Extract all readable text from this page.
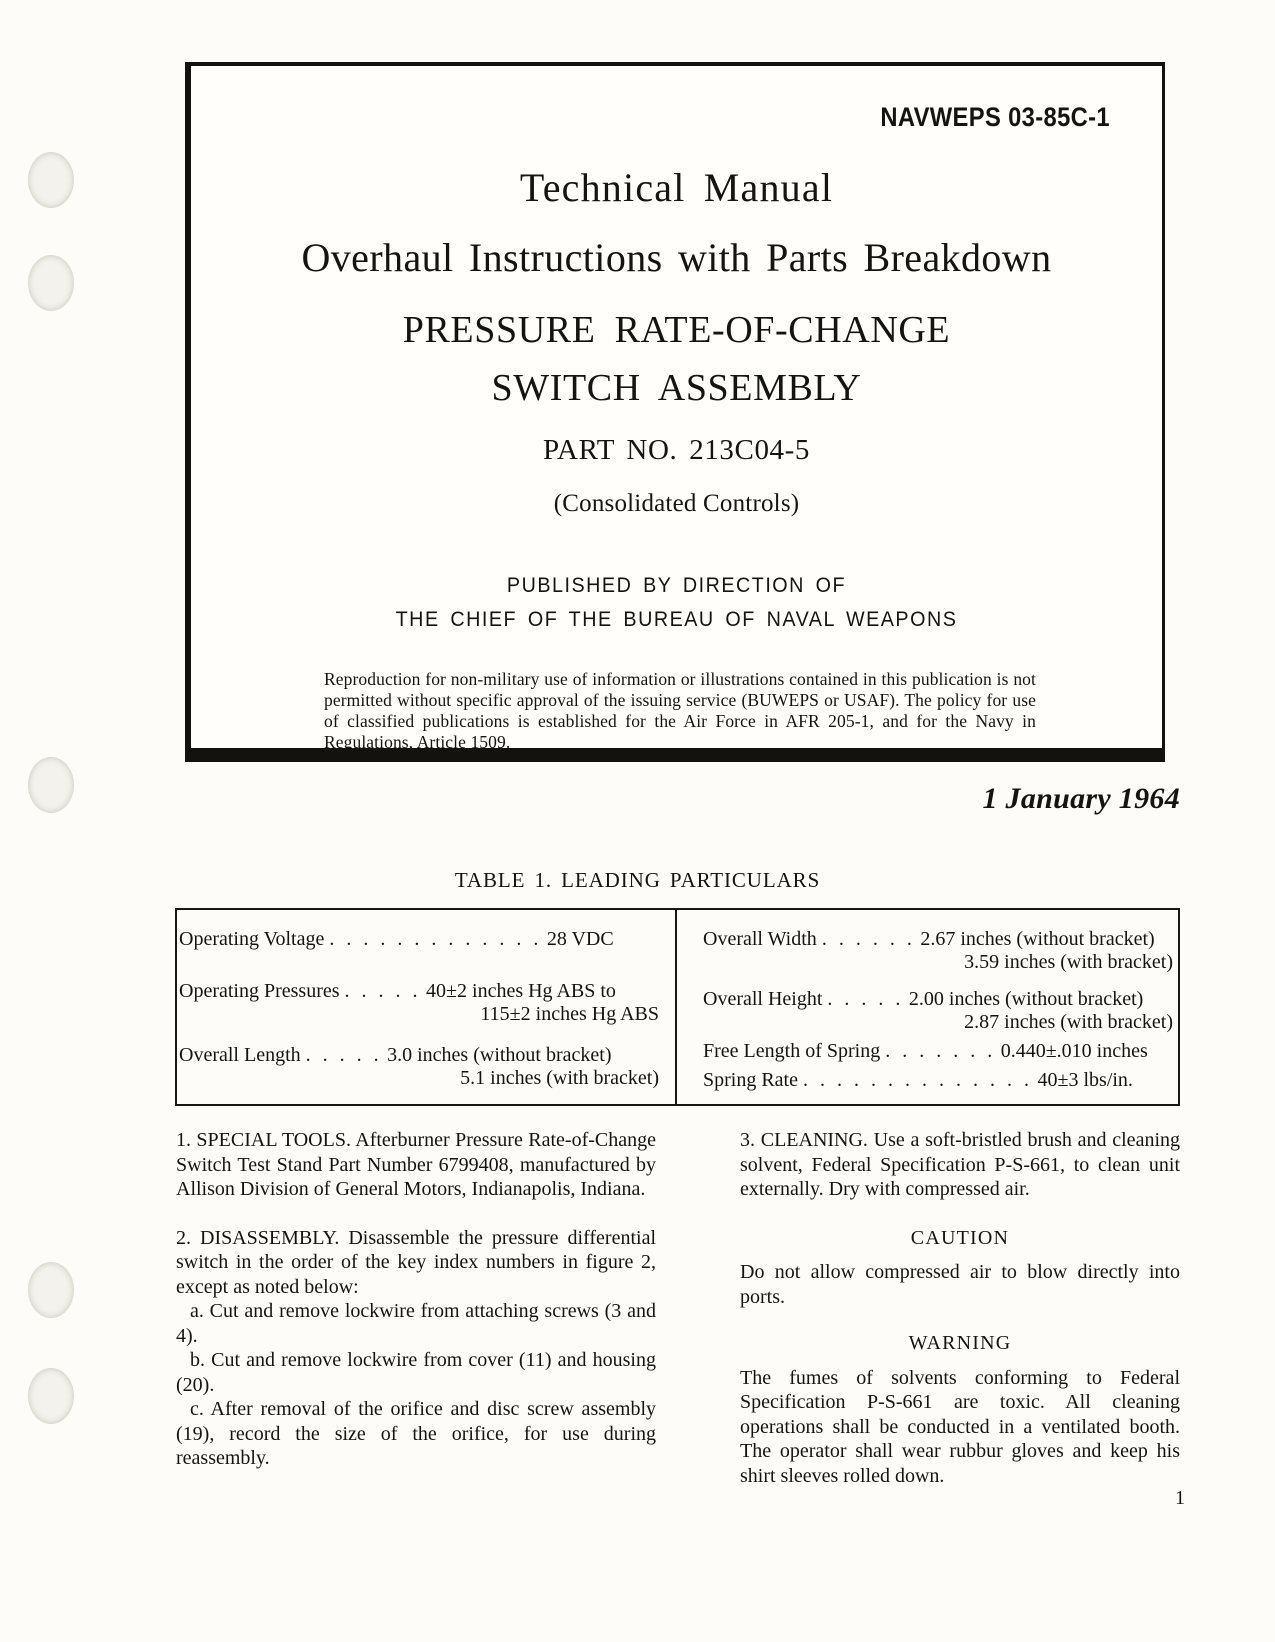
NAVWEPS 03-85C-1
Technical Manual
Overhaul Instructions with Parts Breakdown
PRESSURE RATE-OF-CHANGE
SWITCH ASSEMBLY
PART NO. 213C04-5
(Consolidated Controls)
PUBLISHED BY DIRECTION OF
THE CHIEF OF THE BUREAU OF NAVAL WEAPONS
Reproduction for non-military use of information or illustrations contained in this publication is not permitted without specific approval of the issuing service (BUWEPS or USAF). The policy for use of classified publications is established for the Air Force in AFR 205-1, and for the Navy in Regulations, Article 1509.
1 January 1964
TABLE 1. LEADING PARTICULARS
Operating Voltage . . . . . . . . . . . . . 28 VDC
Operating Pressures . . . . . 40±2 inches Hg ABS to
115±2 inches Hg ABS
Overall Length . . . . . 3.0 inches (without bracket)
5.1 inches (with bracket)
Overall Width . . . . . . 2.67 inches (without bracket)
3.59 inches (with bracket)
Overall Height . . . . . 2.00 inches (without bracket)
2.87 inches (with bracket)
Free Length of Spring . . . . . . . 0.440±.010 inches
Spring Rate . . . . . . . . . . . . . . 40±3 lbs/in.

1. SPECIAL TOOLS. Afterburner Pressure Rate-of-Change Switch Test Stand Part Number 6799408, manufactured by Allison Division of General Motors, Indianapolis, Indiana.

2. DISASSEMBLY. Disassemble the pressure differential switch in the order of the key index numbers in figure 2, except as noted below:

a. Cut and remove lockwire from attaching screws (3 and 4).

b. Cut and remove lockwire from cover (11) and housing (20).

c. After removal of the orifice and disc screw assembly (19), record the size of the orifice, for use during reassembly.

3. CLEANING. Use a soft-bristled brush and cleaning solvent, Federal Specification P-S-661, to clean unit externally. Dry with compressed air.

CAUTION

Do not allow compressed air to blow directly into ports.

WARNING

The fumes of solvents conforming to Federal Specification P-S-661 are toxic. All cleaning operations shall be conducted in a ventilated booth. The operator shall wear rubbur gloves and keep his shirt sleeves rolled down.

1
